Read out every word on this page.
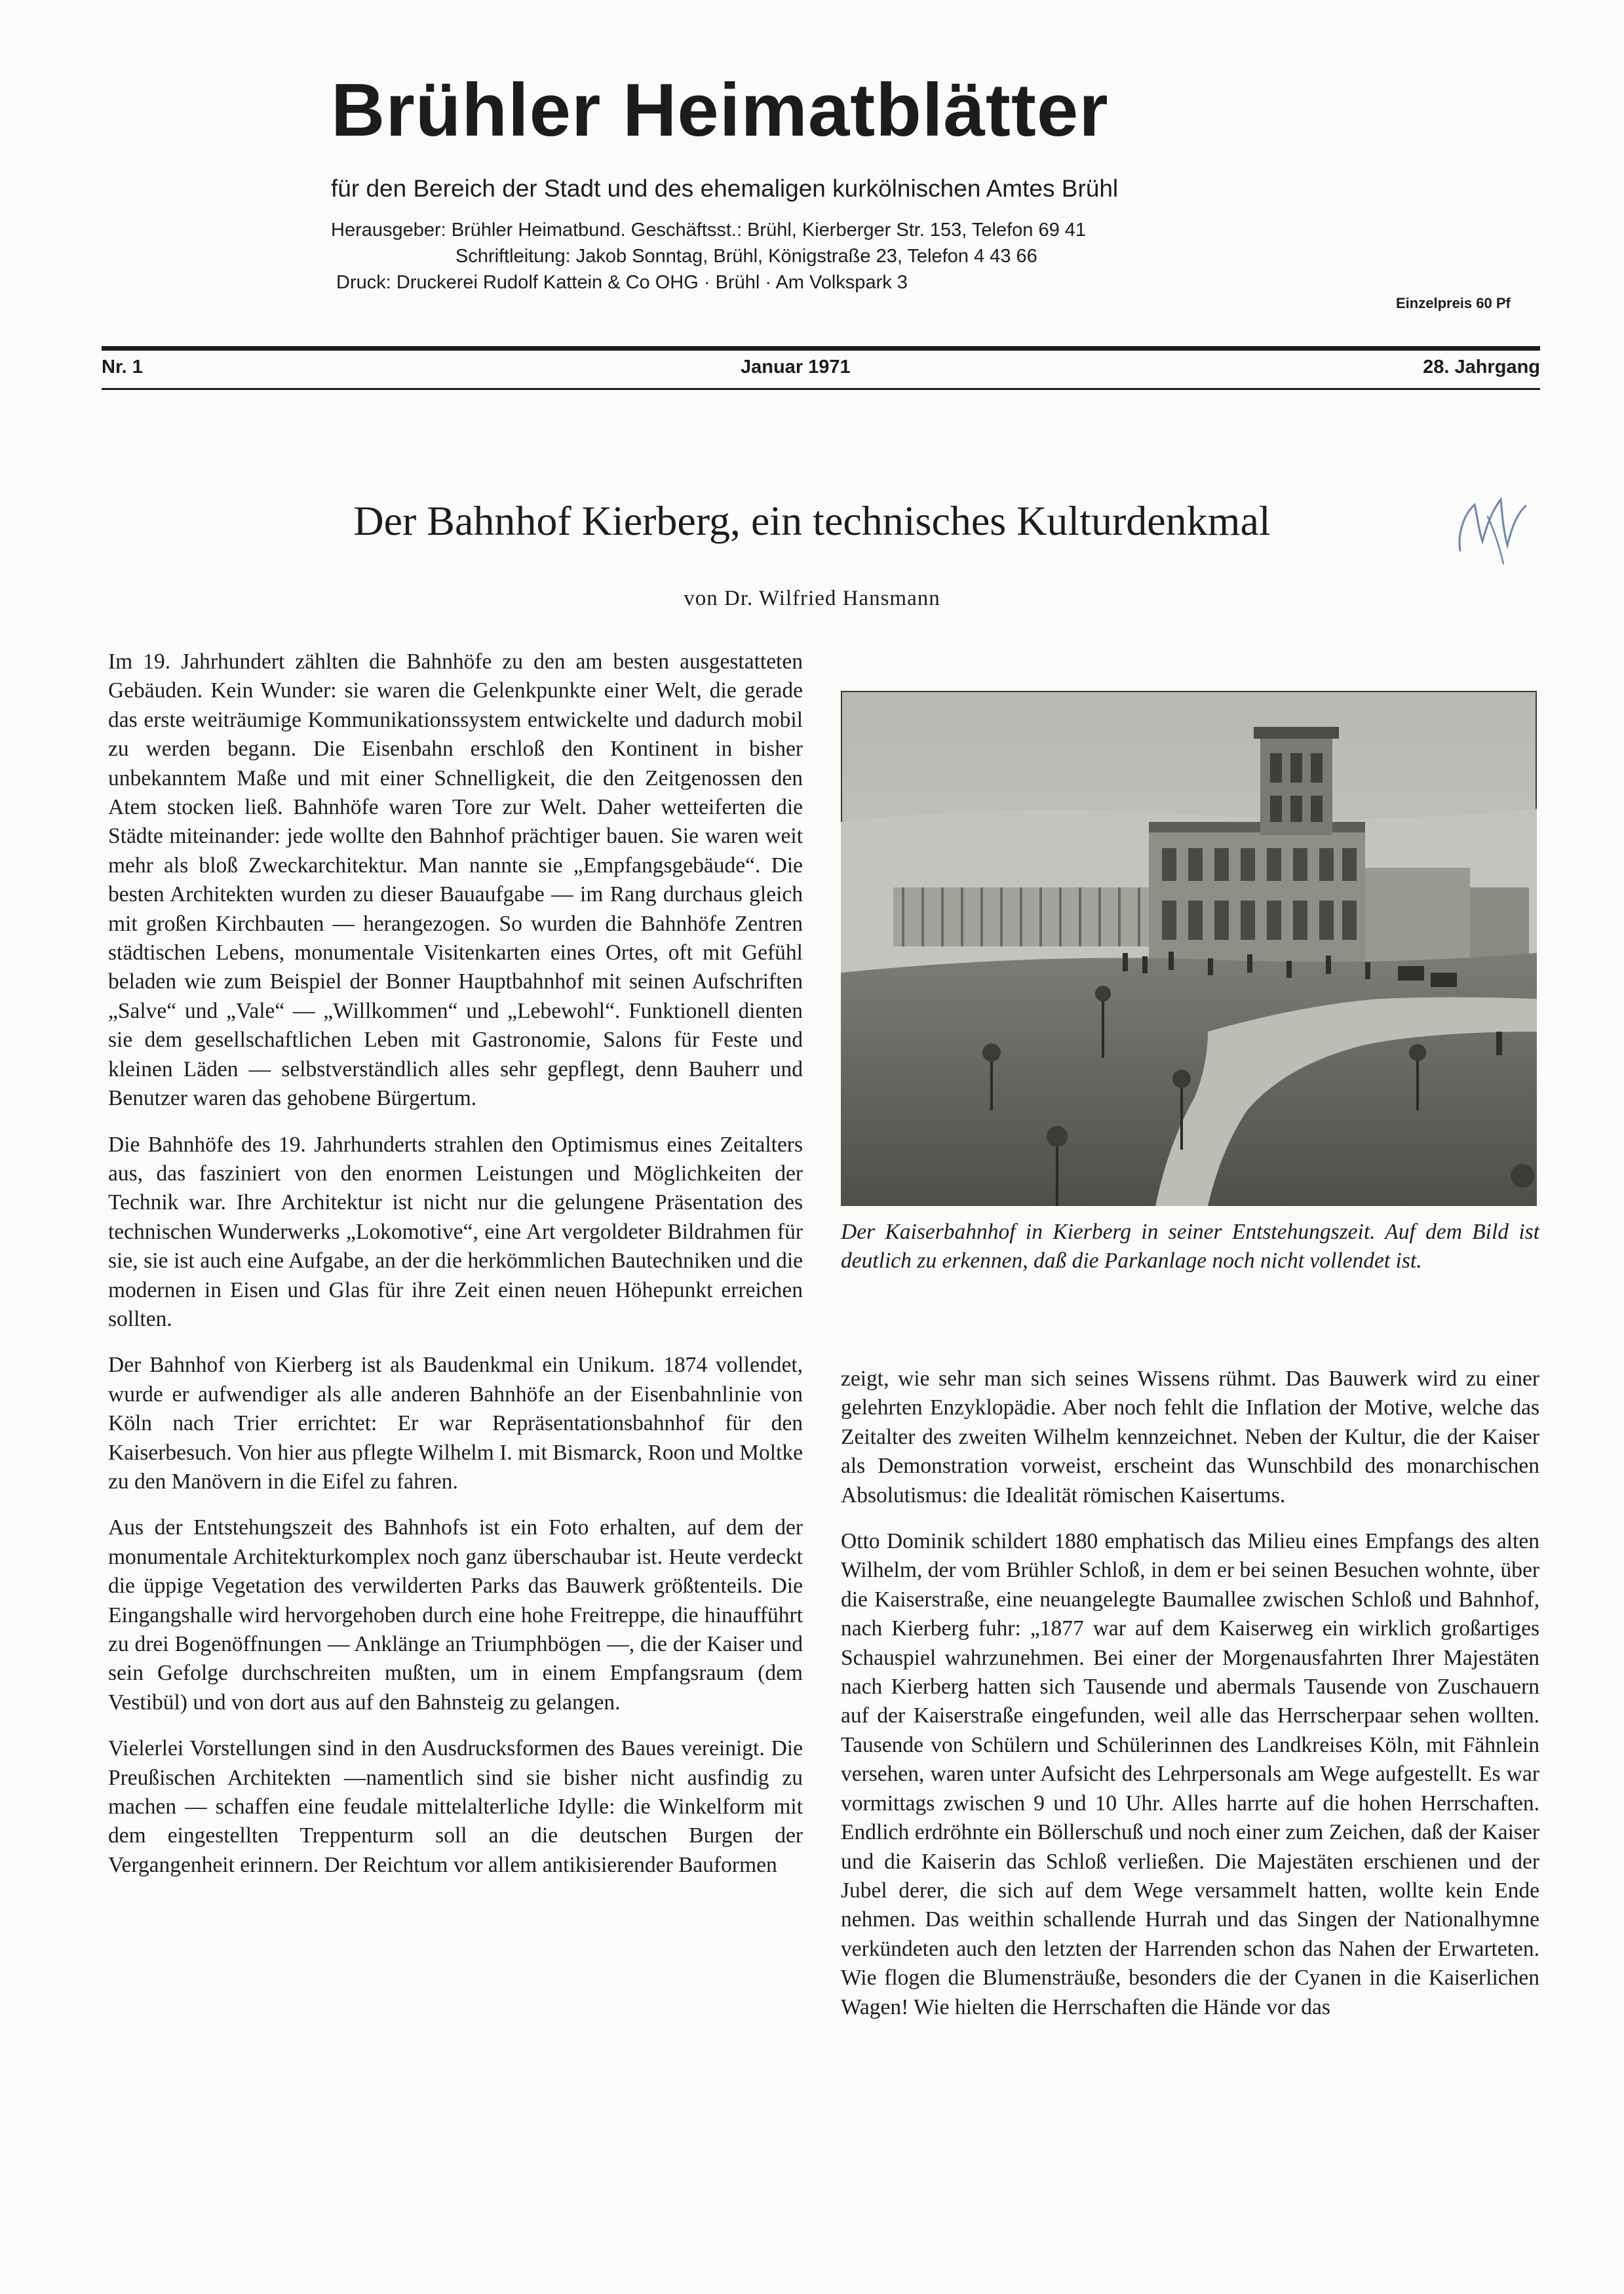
Brühler Heimatblätter
für den Bereich der Stadt und des ehemaligen kurkölnischen Amtes Brühl
Herausgeber: Brühler Heimatbund. Geschäftsst.: Brühl, Kierberger Str. 153, Telefon 69 41
Schriftleitung: Jakob Sonntag, Brühl, Königstraße 23, Telefon 4 43 66
Druck: Druckerei Rudolf Kattein & Co OHG · Brühl · Am Volkspark 3
Einzelpreis 60 Pf
Nr. 1	Januar 1971	28. Jahrgang
Der Bahnhof Kierberg, ein technisches Kulturdenkmal
von Dr. Wilfried Hansmann

Im 19. Jahrhundert zählten die Bahnhöfe zu den am besten ausgestatteten Gebäuden. Kein Wunder: sie waren die Gelenkpunkte einer Welt, die gerade das erste weiträumige Kommunikationssystem entwickelte und dadurch mobil zu werden begann. Die Eisenbahn erschloß den Kontinent in bisher unbekanntem Maße und mit einer Schnelligkeit, die den Zeitgenossen den Atem stocken ließ. Bahnhöfe waren Tore zur Welt. Daher wetteiferten die Städte miteinander: jede wollte den Bahnhof prächtiger bauen. Sie waren weit mehr als bloß Zweckarchitektur. Man nannte sie „Empfangsgebäude“. Die besten Architekten wurden zu dieser Bauaufgabe — im Rang durchaus gleich mit großen Kirchbauten — herangezogen. So wurden die Bahnhöfe Zentren städtischen Lebens, monumentale Visitenkarten eines Ortes, oft mit Gefühl beladen wie zum Beispiel der Bonner Hauptbahnhof mit seinen Aufschriften „Salve“ und „Vale“ — „Willkommen“ und „Lebewohl“. Funktionell dienten sie dem gesellschaftlichen Leben mit Gastronomie, Salons für Feste und kleinen Läden — selbstverständlich alles sehr gepflegt, denn Bauherr und Benutzer waren das gehobene Bürgertum.

Die Bahnhöfe des 19. Jahrhunderts strahlen den Optimismus eines Zeitalters aus, das fasziniert von den enormen Leistungen und Möglichkeiten der Technik war. Ihre Architektur ist nicht nur die gelungene Präsentation des technischen Wunderwerks „Lokomotive“, eine Art vergoldeter Bildrahmen für sie, sie ist auch eine Aufgabe, an der die herkömmlichen Bautechniken und die modernen in Eisen und Glas für ihre Zeit einen neuen Höhepunkt erreichen sollten.

Der Bahnhof von Kierberg ist als Baudenkmal ein Unikum. 1874 vollendet, wurde er aufwendiger als alle anderen Bahnhöfe an der Eisenbahnlinie von Köln nach Trier errichtet: Er war Repräsentationsbahnhof für den Kaiserbesuch. Von hier aus pflegte Wilhelm I. mit Bismarck, Roon und Moltke zu den Manövern in die Eifel zu fahren.

Aus der Entstehungszeit des Bahnhofs ist ein Foto erhalten, auf dem der monumentale Architekturkomplex noch ganz überschaubar ist. Heute verdeckt die üppige Vegetation des verwilderten Parks das Bauwerk größtenteils. Die Eingangshalle wird hervorgehoben durch eine hohe Freitreppe, die hinaufführt zu drei Bogenöffnungen — Anklänge an Triumphbögen —, die der Kaiser und sein Gefolge durchschreiten mußten, um in einem Empfangsraum (dem Vestibül) und von dort aus auf den Bahnsteig zu gelangen.

Vielerlei Vorstellungen sind in den Ausdrucksformen des Baues vereinigt. Die Preußischen Architekten —namentlich sind sie bisher nicht ausfindig zu machen — schaffen eine feudale mittelalterliche Idylle: die Winkelform mit dem eingestellten Treppenturm soll an die deutschen Burgen der Vergangenheit erinnern. Der Reichtum vor allem antikisierender Bauformen

Der Kaiserbahnhof in Kierberg in seiner Entstehungszeit. Auf dem Bild ist deutlich zu erkennen, daß die Parkanlage noch nicht vollendet ist.

zeigt, wie sehr man sich seines Wissens rühmt. Das Bauwerk wird zu einer gelehrten Enzyklopädie. Aber noch fehlt die Inflation der Motive, welche das Zeitalter des zweiten Wilhelm kennzeichnet. Neben der Kultur, die der Kaiser als Demonstration vorweist, erscheint das Wunschbild des monarchischen Absolutismus: die Idealität römischen Kaisertums.

Otto Dominik schildert 1880 emphatisch das Milieu eines Empfangs des alten Wilhelm, der vom Brühler Schloß, in dem er bei seinen Besuchen wohnte, über die Kaiserstraße, eine neuangelegte Baumallee zwischen Schloß und Bahnhof, nach Kierberg fuhr: „1877 war auf dem Kaiserweg ein wirklich großartiges Schauspiel wahrzunehmen. Bei einer der Morgenausfahrten Ihrer Majestäten nach Kierberg hatten sich Tausende und abermals Tausende von Zuschauern auf der Kaiserstraße eingefunden, weil alle das Herrscherpaar sehen wollten. Tausende von Schülern und Schülerinnen des Landkreises Köln, mit Fähnlein versehen, waren unter Aufsicht des Lehrpersonals am Wege aufgestellt. Es war vormittags zwischen 9 und 10 Uhr. Alles harrte auf die hohen Herrschaften. Endlich erdröhnte ein Böllerschuß und noch einer zum Zeichen, daß der Kaiser und die Kaiserin das Schloß verließen. Die Majestäten erschienen und der Jubel derer, die sich auf dem Wege versammelt hatten, wollte kein Ende nehmen. Das weithin schallende Hurrah und das Singen der Nationalhymne verkündeten auch den letzten der Harrenden schon das Nahen der Erwarteten. Wie flogen die Blumensträuße, besonders die der Cyanen in die Kaiserlichen Wagen! Wie hielten die Herrschaften die Hände vor das
